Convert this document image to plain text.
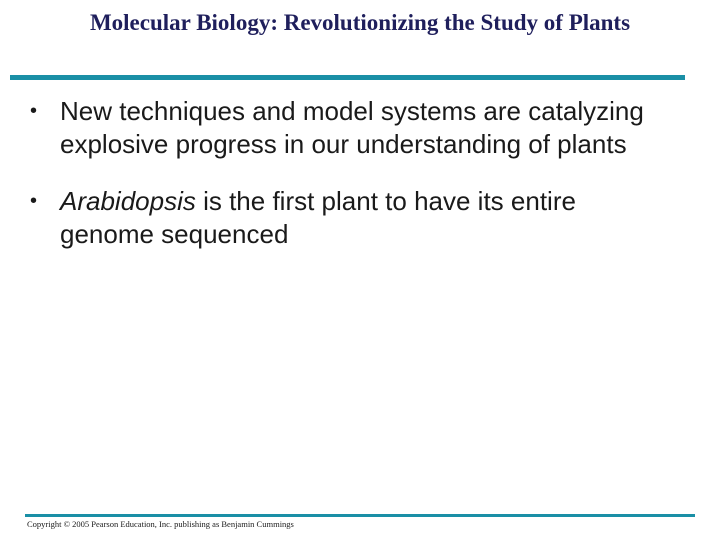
Molecular Biology: Revolutionizing the Study of Plants
• New techniques and model systems are catalyzing
explosive progress in our understanding of plants
• Arabidopsis is the first plant to have its entire
genome sequenced
Copyright © 2005 Pearson Education, Inc. publishing as Benjamin Cummings
